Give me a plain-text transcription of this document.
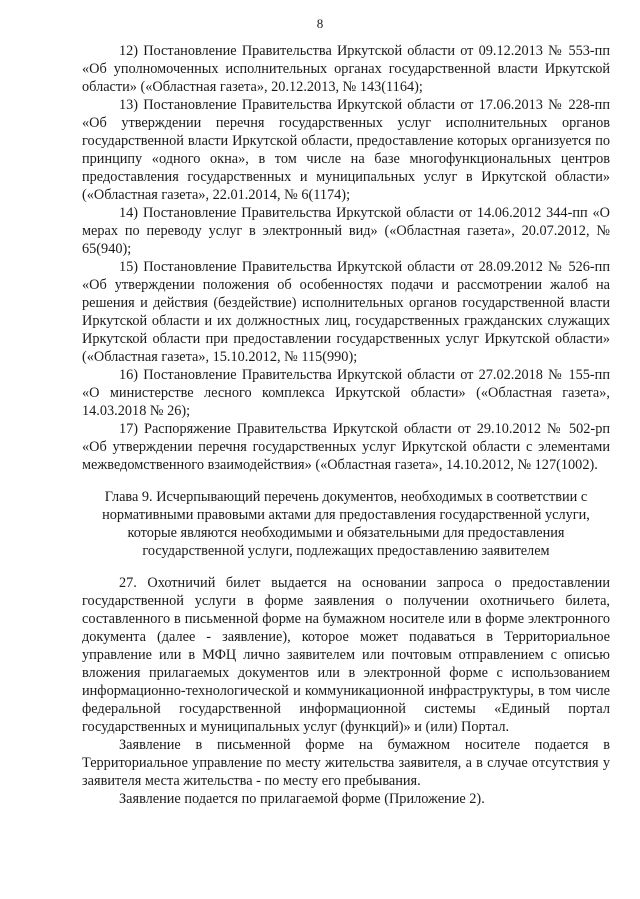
8

12) Постановление Правительства Иркутской области от 09.12.2013 № 553-пп «Об уполномоченных исполнительных органах государственной власти Иркутской области» («Областная газета», 20.12.2013, № 143(1164);

13) Постановление Правительства Иркутской области от 17.06.2013 № 228-пп «Об утверждении перечня государственных услуг исполнительных органов государственной власти Иркутской области, предоставление которых организуется по принципу «одного окна», в том числе на базе многофункциональных центров предоставления государственных и муниципальных услуг в Иркутской области» («Областная газета», 22.01.2014, № 6(1174);

14) Постановление Правительства Иркутской области от 14.06.2012 344-пп «О мерах по переводу услуг в электронный вид» («Областная газета», 20.07.2012, № 65(940);

15) Постановление Правительства Иркутской области от 28.09.2012 № 526-пп «Об утверждении положения об особенностях подачи и рассмотрении жалоб на решения и действия (бездействие) исполнительных органов государственной власти Иркутской области и их должностных лиц, государственных гражданских служащих Иркутской области при предоставлении государственных услуг Иркутской области» («Областная газета», 15.10.2012, № 115(990);

16) Постановление Правительства Иркутской области от 27.02.2018 № 155-пп «О министерстве лесного комплекса Иркутской области» («Областная газета», 14.03.2018 № 26);

17) Распоряжение Правительства Иркутской области от 29.10.2012 № 502-рп «Об утверждении перечня государственных услуг Иркутской области с элементами межведомственного взаимодействия» («Областная газета», 14.10.2012, № 127(1002).

Глава 9. Исчерпывающий перечень документов, необходимых в соответствии с
нормативными правовыми актами для предоставления государственной услуги,
которые являются необходимыми и обязательными для предоставления
государственной услуги, подлежащих предоставлению заявителем

27. Охотничий билет выдается на основании запроса о предоставлении государственной услуги в форме заявления о получении охотничьего билета, составленного в письменной форме на бумажном носителе или в форме электронного документа (далее - заявление), которое может подаваться в Территориальное управление или в МФЦ лично заявителем или почтовым отправлением с описью вложения прилагаемых документов или в электронной форме с использованием информационно-технологической и коммуникационной инфраструктуры, в том числе федеральной государственной информационной системы «Единый портал государственных и муниципальных услуг (функций)» и (или) Портал.

Заявление в письменной форме на бумажном носителе подается в Территориальное управление по месту жительства заявителя, а в случае отсутствия у заявителя места жительства - по месту его пребывания.

Заявление подается по прилагаемой форме (Приложение 2).
